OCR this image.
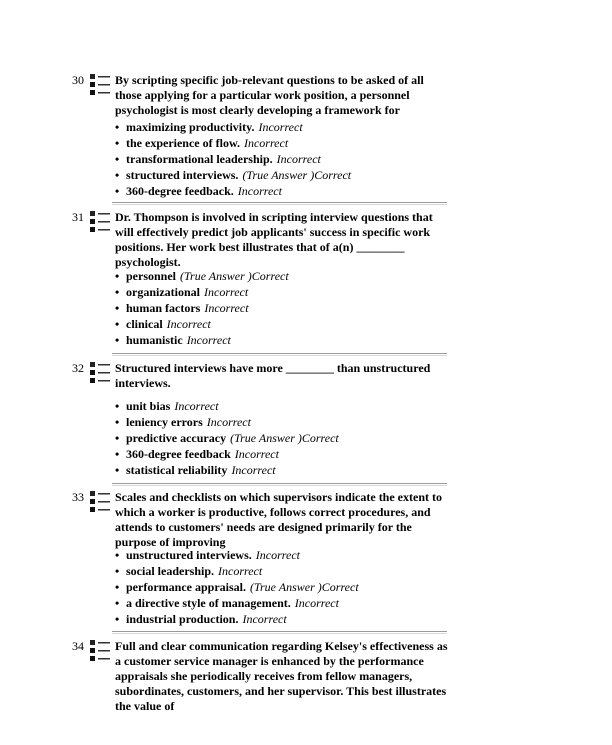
30	By scripting specific job-relevant questions to be asked of all those applying for a particular work position, a personnel psychologist is most clearly developing a framework for
• maximizing productivity. Incorrect
• the experience of flow. Incorrect
• transformational leadership. Incorrect
• structured interviews. (True Answer )Correct
• 360-degree feedback. Incorrect
31	Dr. Thompson is involved in scripting interview questions that will effectively predict job applicants' success in specific work positions. Her work best illustrates that of a(n) ________ psychologist.
• personnel (True Answer )Correct
• organizational Incorrect
• human factors Incorrect
• clinical Incorrect
• humanistic Incorrect
32	Structured interviews have more ________ than unstructured interviews.
• unit bias Incorrect
• leniency errors Incorrect
• predictive accuracy (True Answer )Correct
• 360-degree feedback Incorrect
• statistical reliability Incorrect
33	Scales and checklists on which supervisors indicate the extent to which a worker is productive, follows correct procedures, and attends to customers' needs are designed primarily for the purpose of improving
• unstructured interviews. Incorrect
• social leadership. Incorrect
• performance appraisal. (True Answer )Correct
• a directive style of management. Incorrect
• industrial production. Incorrect
34	Full and clear communication regarding Kelsey's effectiveness as a customer service manager is enhanced by the performance appraisals she periodically receives from fellow managers, subordinates, customers, and her supervisor. This best illustrates the value of
